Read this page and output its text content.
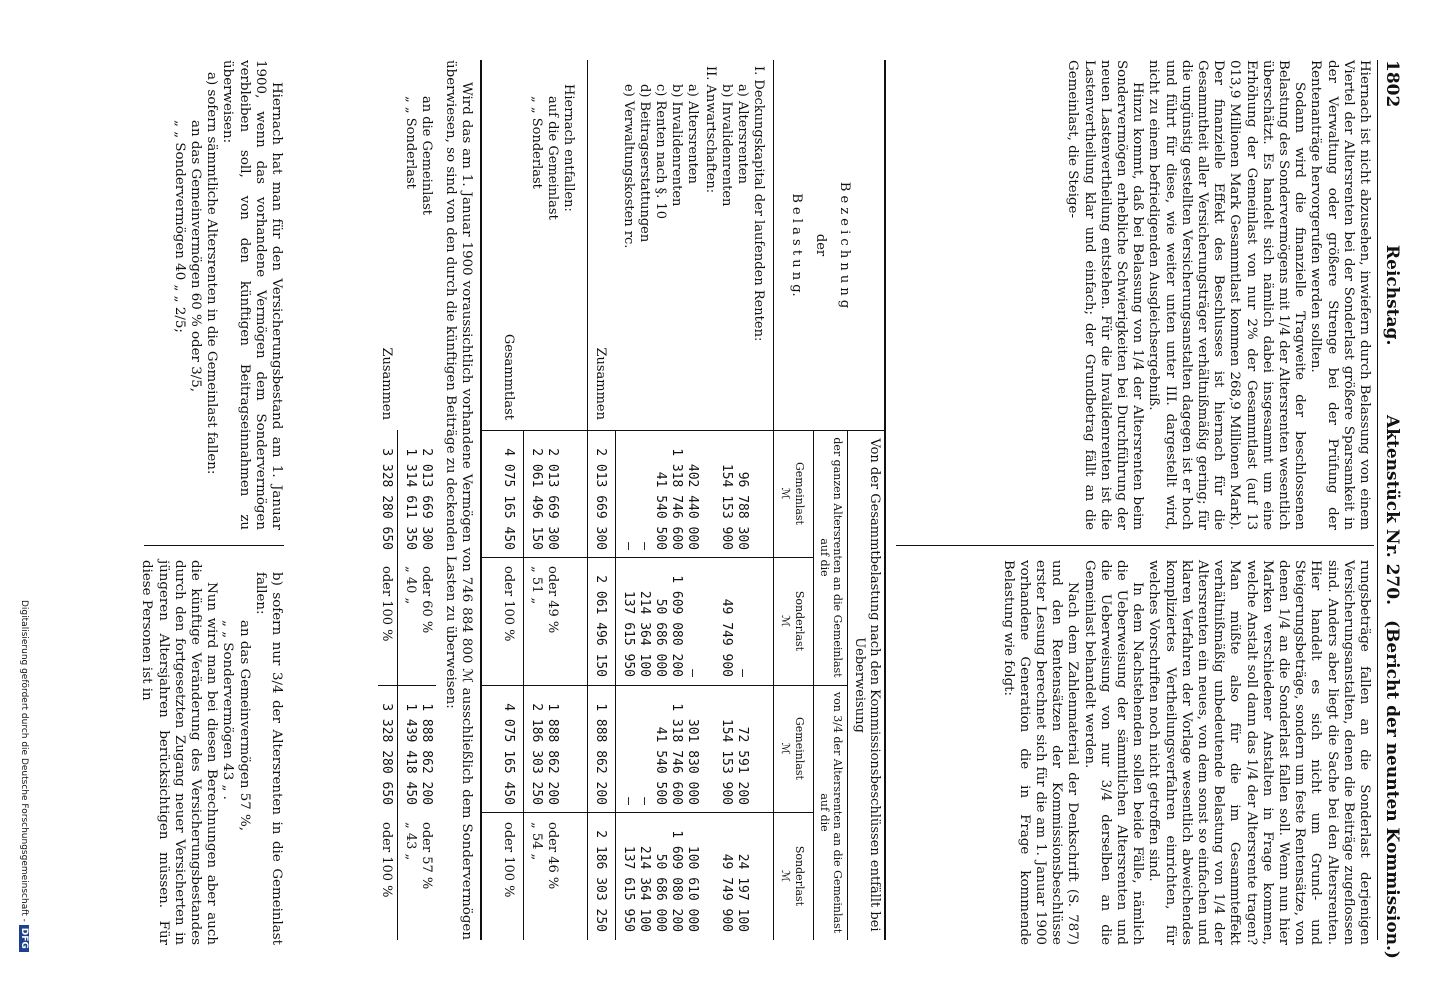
1802
Reichstag.
Aktenstück Nr. 270.
(Bericht der neunten Kommission.)

Hiernach ist nicht abzusehen, inwiefern durch Belassung von einem Viertel der Altersrenten bei der Sonderlast größere Sparsamkeit in der Verwaltung oder größere Strenge bei der Prüfung der Rentenanträge hervorgerufen werden sollten.

Sodann wird die finanzielle Tragweite der beschlossenen Belastung des Sondervermögens mit 1/4 der Altersrenten wesentlich überschätzt. Es handelt sich nämlich dabei insgesammt um eine Erhöhung der Gemeinlast von nur 2% der Gesammtlast (auf 13 013,9 Millionen Mark Gesammtlast kommen 268,9 Millionen Mark). Der finanzielle Effekt des Beschlusses ist hiernach für die Gesammtheit aller Versicherungsträger verhältnißmäßig gering; für die ungünstig gestellten Versicherungsanstalten dagegen ist er hoch und führt für diese, wie weiter unten unter III. dargestellt wird, nicht zu einem befriedigenden Ausgleichsergebniß.

Hinzu kommt, daß bei Belassung von 1/4 der Altersrenten beim Sondervermögen erhebliche Schwierigkeiten bei Durchführung der neuen Lastenvertheilung entstehen. Für die Invalidenrenten ist die Lastenvertheilung klar und einfach; der Grundbetrag fällt an die Gemeinlast, die Steige-

rungsbeträge fallen an die Sonderlast derjenigen Versicherungsanstalten, denen die Beiträge zugeflossen sind. Anders aber liegt die Sache bei den Altersrenten. Hier handelt es sich nicht um Grund- und Steigerungsbeträge, sondern um feste Rentensätze, von denen 1/4 an die Sonderlast fallen soll. Wenn nun hier Marken verschiedener Anstalten in Frage kommen, welche Anstalt soll dann das 1/4 der Altersrente tragen? Man müßte also für die im Gesammteffekt verhältnißmäßig unbedeutende Belastung von 1/4 der Altersrenten ein neues, von dem sonst so einfachen und klaren Verfahren der Vorlage wesentlich abweichendes kompliziertes Vertheilungsverfahren einrichten, für welches Vorschriften noch nicht getroffen sind.

In dem Nachstehenden sollen beide Fälle, nämlich die Ueberweisung der sämmtlichen Altersrenten und die Ueberweisung von nur 3/4 derselben an die Gemeinlast behandelt werden.

Nach dem Zahlenmaterial der Denkschrift (S. 787) und den Rentensätzen der Kommissionsbeschlüsse erster Lesung berechnet sich für die am 1. Januar 1900 vorhandene Generation die in Frage kommende Belastung wie folgt:

B e z e i c h n u n g
der
B e l a s t u n g.
Von der Gesammtbelastung nach den Kommissionsbeschlüssen entfällt bei Ueberweisung
der ganzen Altersrenten an die Gemeinlast auf die
von 3/4 der Altersrenten an die Gemeinlast auf die
Gemeinlast
Sonderlast
Gemeinlast
Sonderlast
ℳ
ℳ
ℳ
ℳ
I. Deckungskapital der laufenden Renten:
a) Altersrenten
96 788 300
—
72 591 200
24 197 100
b) Invalidenrenten
154 153 900
49 749 900
154 153 900
49 749 900
II. Anwartschaften:
a) Altersrenten
402 440 000
—
301 830 000
100 610 000
b) Invalidenrenten
1 318 746 600
1 609 080 200
1 318 746 600
1 609 080 200
c) Renten nach §. 10
41 540 500
50 686 000
41 540 500
50 686 000
d) Beitragserstattungen
—
214 364 100
—
214 364 100
e) Verwaltungskosten rc.
—
137 615 950
—
137 615 950
Zusammen
2 013 669 300
2 061 496 150
1 888 862 200
2 186 303 250
Hiernach entfallen:
auf die Gemeinlast
2 013 669 300
oder 49 %
1 888 862 200
oder 46 %
„ „ Sonderlast
2 061 496 150
„ 51 „
2 186 303 250
„ 54 „
Gesammtlast
4 075 165 450
oder 100 %
4 075 165 450
oder 100 %
Wird das am 1. Januar 1900 voraussichtlich vorhandene Vermögen von 746 884 800 ℳ ausschließlich dem Sondervermögen überwiesen, so sind von den durch die künftigen Beiträge zu deckenden Lasten zu überweisen:
an die Gemeinlast
2 013 669 300
oder 60 %
1 888 862 200
oder 57 %
„ „ Sonderlast
1 314 611 350
„ 40 „
1 439 418 450
„ 43 „
Zusammen
3 328 280 650
oder 100 %
3 328 280 650
oder 100 %

Hiernach hat man für den Versicherungsbestand am 1. Januar 1900, wenn das vorhandene Vermögen dem Sondervermögen verbleiben soll, von den künftigen Beitragseinnahmen zu überweisen:

a) sofern sämmtliche Altersrenten in die Gemeinlast fallen:

an das Gemeinvermögen 60 % oder 3/5,

„ „ Sondervermögen 40 „ „ 2/5;

b) sofern nur 3/4 der Altersrenten in die Gemeinlast fallen:

an das Gemeinvermögen 57 %,

„ „ Sondervermögen 43 „ .

Nun wird man bei diesen Berechnungen aber auch die künftige Veränderung des Versicherungsbestandes durch den fortgesetzten Zugang neuer Versicherten in jüngeren Altersjahren berücksichtigen müssen. Für diese Personen ist in

Digitalisierung gefördert durch die Deutsche Forschungsgemeinschaft - DFG
